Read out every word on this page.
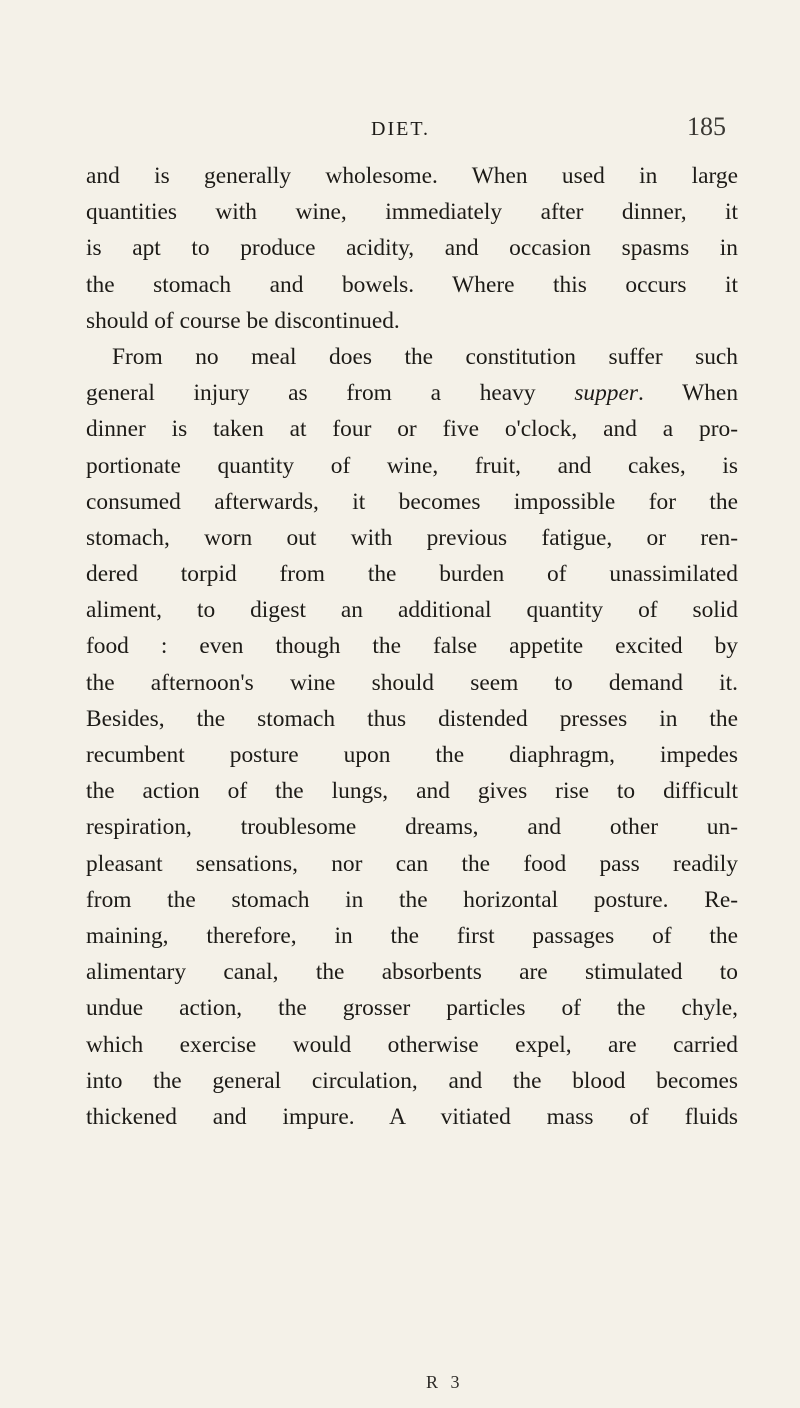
DIET.	185
and is generally wholesome. When used in large
quantities with wine, immediately after dinner, it
is apt to produce acidity, and occasion spasms in
the stomach and bowels. Where this occurs it
should of course be discontinued.
From no meal does the constitution suffer such
general injury as from a heavy supper. When
dinner is taken at four or five o'clock, and a pro-
portionate quantity of wine, fruit, and cakes, is
consumed afterwards, it becomes impossible for the
stomach, worn out with previous fatigue, or ren-
dered torpid from the burden of unassimilated
aliment, to digest an additional quantity of solid
food : even though the false appetite excited by
the afternoon's wine should seem to demand it.
Besides, the stomach thus distended presses in the
recumbent posture upon the diaphragm, impedes
the action of the lungs, and gives rise to difficult
respiration, troublesome dreams, and other un-
pleasant sensations, nor can the food pass readily
from the stomach in the horizontal posture. Re-
maining, therefore, in the first passages of the
alimentary canal, the absorbents are stimulated to
undue action, the grosser particles of the chyle,
which exercise would otherwise expel, are carried
into the general circulation, and the blood becomes
thickened and impure. A vitiated mass of fluids
R 3
